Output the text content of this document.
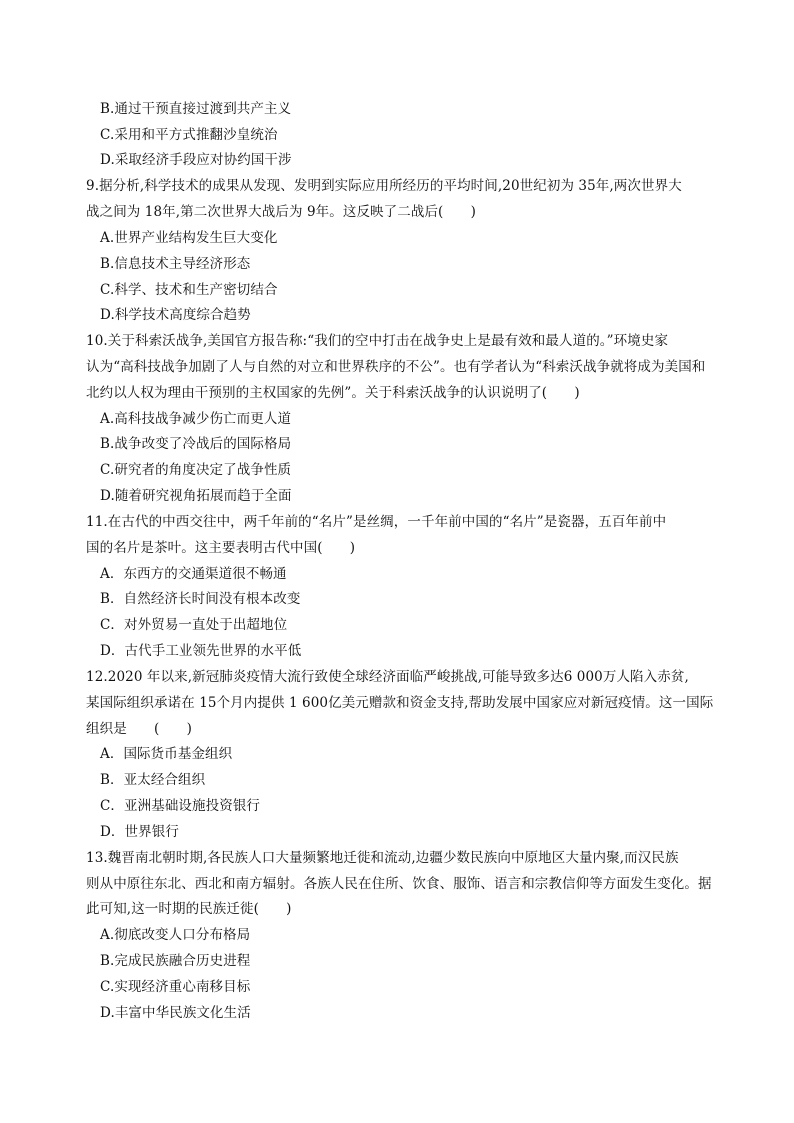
B.通过干预直接过渡到共产主义
C.采用和平方式推翻沙皇统治
D.采取经济手段应对协约国干涉
9.据分析,科学技术的成果从发现、发明到实际应用所经历的平均时间,20世纪初为 35年,两次世界大
战之间为 18年,第二次世界大战后为 9年。这反映了二战后(　　)
A.世界产业结构发生巨大变化
B.信息技术主导经济形态
C.科学、技术和生产密切结合
D.科学技术高度综合趋势
10.关于科索沃战争,美国官方报告称:“我们的空中打击在战争史上是最有效和最人道的。”环境史家
认为“高科技战争加剧了人与自然的对立和世界秩序的不公”。也有学者认为“科索沃战争就将成为美国和
北约以人权为理由干预别的主权国家的先例”。关于科索沃战争的认识说明了(　　)
A.高科技战争减少伤亡而更人道
B.战争改变了冷战后的国际格局
C.研究者的角度决定了战争性质
D.随着研究视角拓展而趋于全面
11.在古代的中西交往中，两千年前的“名片”是丝绸，一千年前中国的“名片”是瓷器，五百年前中
国的名片是茶叶。这主要表明古代中国(　　)
A．东西方的交通渠道很不畅通
B．自然经济长时间没有根本改变
C．对外贸易一直处于出超地位
D．古代手工业领先世界的水平低
12.2020 年以来,新冠肺炎疫情大流行致使全球经济面临严峻挑战,可能导致多达6 000万人陷入赤贫,
某国际组织承诺在 15个月内提供 1 600亿美元赠款和资金支持,帮助发展中国家应对新冠疫情。这一国际
组织是　　(　　)
A．国际货币基金组织
B．亚太经合组织
C．亚洲基础设施投资银行
D．世界银行
13.魏晋南北朝时期,各民族人口大量频繁地迁徙和流动,边疆少数民族向中原地区大量内聚,而汉民族
则从中原往东北、西北和南方辐射。各族人民在住所、饮食、服饰、语言和宗教信仰等方面发生变化。据
此可知,这一时期的民族迁徙(　　)
A.彻底改变人口分布格局
B.完成民族融合历史进程
C.实现经济重心南移目标
D.丰富中华民族文化生活
